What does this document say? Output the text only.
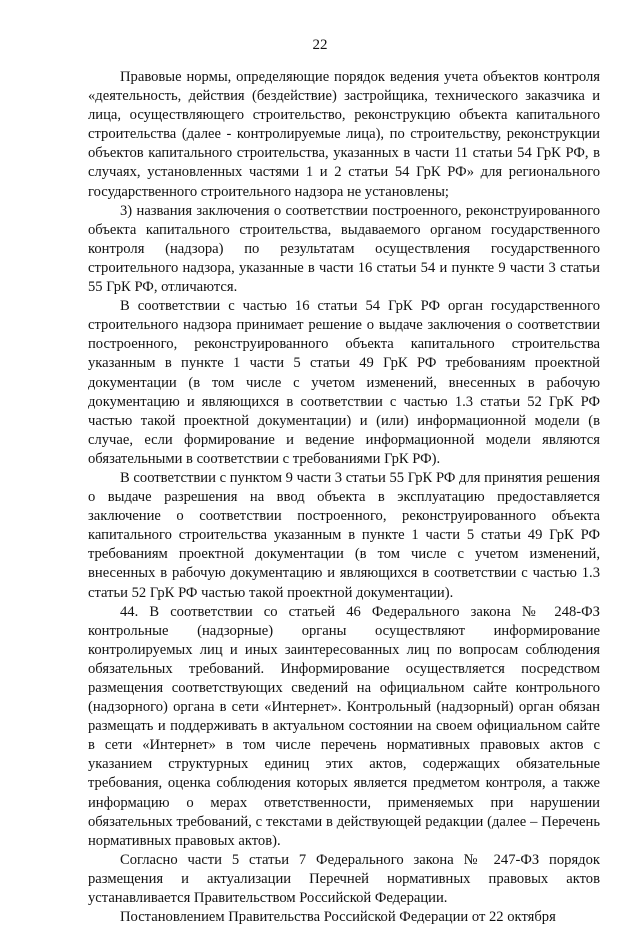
22

Правовые нормы, определяющие порядок ведения учета объектов контроля «деятельность, действия (бездействие) застройщика, технического заказчика и лица, осуществляющего строительство, реконструкцию объекта капитального строительства (далее - контролируемые лица), по строительству, реконструкции объектов капитального строительства, указанных в части 11 статьи 54 ГрК РФ, в случаях, установленных частями 1 и 2 статьи 54 ГрК РФ» для регионального государственного строительного надзора не установлены;

3) названия заключения о соответствии построенного, реконструированного объекта капитального строительства, выдаваемого органом государственного контроля (надзора) по результатам осуществления государственного строительного надзора, указанные в части 16 статьи 54 и пункте 9 части 3 статьи 55 ГрК РФ, отличаются.

В соответствии с частью 16 статьи 54 ГрК РФ орган государственного строительного надзора принимает решение о выдаче заключения о соответствии построенного, реконструированного объекта капитального строительства указанным в пункте 1 части 5 статьи 49 ГрК РФ требованиям проектной документации (в том числе с учетом изменений, внесенных в рабочую документацию и являющихся в соответствии с частью 1.3 статьи 52 ГрК РФ частью такой проектной документации) и (или) информационной модели (в случае, если формирование и ведение информационной модели являются обязательными в соответствии с требованиями ГрК РФ).

В соответствии с пунктом 9 части 3 статьи 55 ГрК РФ для принятия решения о выдаче разрешения на ввод объекта в эксплуатацию предоставляется заключение о соответствии построенного, реконструированного объекта капитального строительства указанным в пункте 1 части 5 статьи 49 ГрК РФ требованиям проектной документации (в том числе с учетом изменений, внесенных в рабочую документацию и являющихся в соответствии с частью 1.3 статьи 52 ГрК РФ частью такой проектной документации).

44. В соответствии со статьей 46 Федерального закона № 248-ФЗ контрольные (надзорные) органы осуществляют информирование контролируемых лиц и иных заинтересованных лиц по вопросам соблюдения обязательных требований. Информирование осуществляется посредством размещения соответствующих сведений на официальном сайте контрольного (надзорного) органа в сети «Интернет». Контрольный (надзорный) орган обязан размещать и поддерживать в актуальном состоянии на своем официальном сайте в сети «Интернет» в том числе перечень нормативных правовых актов с указанием структурных единиц этих актов, содержащих обязательные требования, оценка соблюдения которых является предметом контроля, а также информацию о мерах ответственности, применяемых при нарушении обязательных требований, с текстами в действующей редакции (далее – Перечень нормативных правовых актов).

Согласно части 5 статьи 7 Федерального закона № 247-ФЗ порядок размещения и актуализации Перечней нормативных правовых актов устанавливается Правительством Российской Федерации.

Постановлением Правительства Российской Федерации от 22 октября
